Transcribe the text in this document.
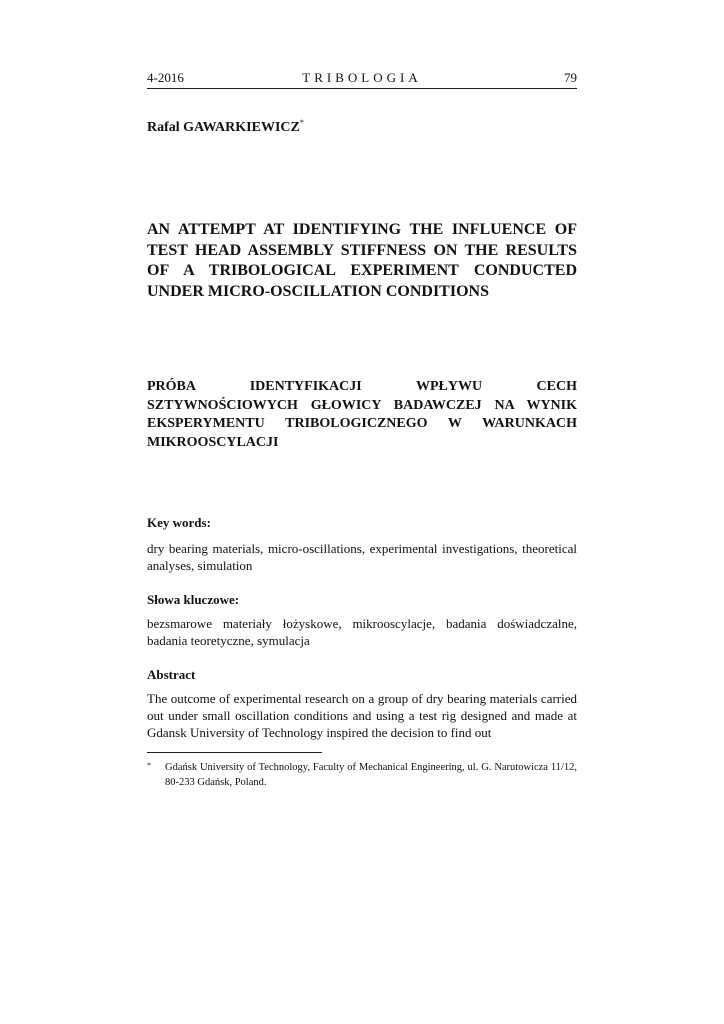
4-2016	TRIBOLOGIA	79
Rafal GAWARKIEWICZ*
AN ATTEMPT AT IDENTIFYING THE INFLUENCE OF TEST HEAD ASSEMBLY STIFFNESS ON THE RESULTS OF A TRIBOLOGICAL EXPERIMENT CONDUCTED UNDER MICRO-OSCILLATION CONDITIONS
PRÓBA IDENTYFIKACJI WPŁYWU CECH SZTYWNOŚCIOWYCH GŁOWICY BADAWCZEJ NA WYNIK EKSPERYMENTU TRIBOLOGICZNEGO W WARUNKACH MIKROOSCYLACJI
Key words:
dry bearing materials, micro-oscillations, experimental investigations, theoretical analyses, simulation
Słowa kluczowe:
bezsmarowe materiały łożyskowe, mikrooscylacje, badania doświadczalne, badania teoretyczne, symulacja
Abstract
The outcome of experimental research on a group of dry bearing materials carried out under small oscillation conditions and using a test rig designed and made at Gdansk University of Technology inspired the decision to find out
*	Gdańsk University of Technology, Faculty of Mechanical Engineering, ul. G. Narutowicza 11/12, 80-233 Gdańsk, Poland.
